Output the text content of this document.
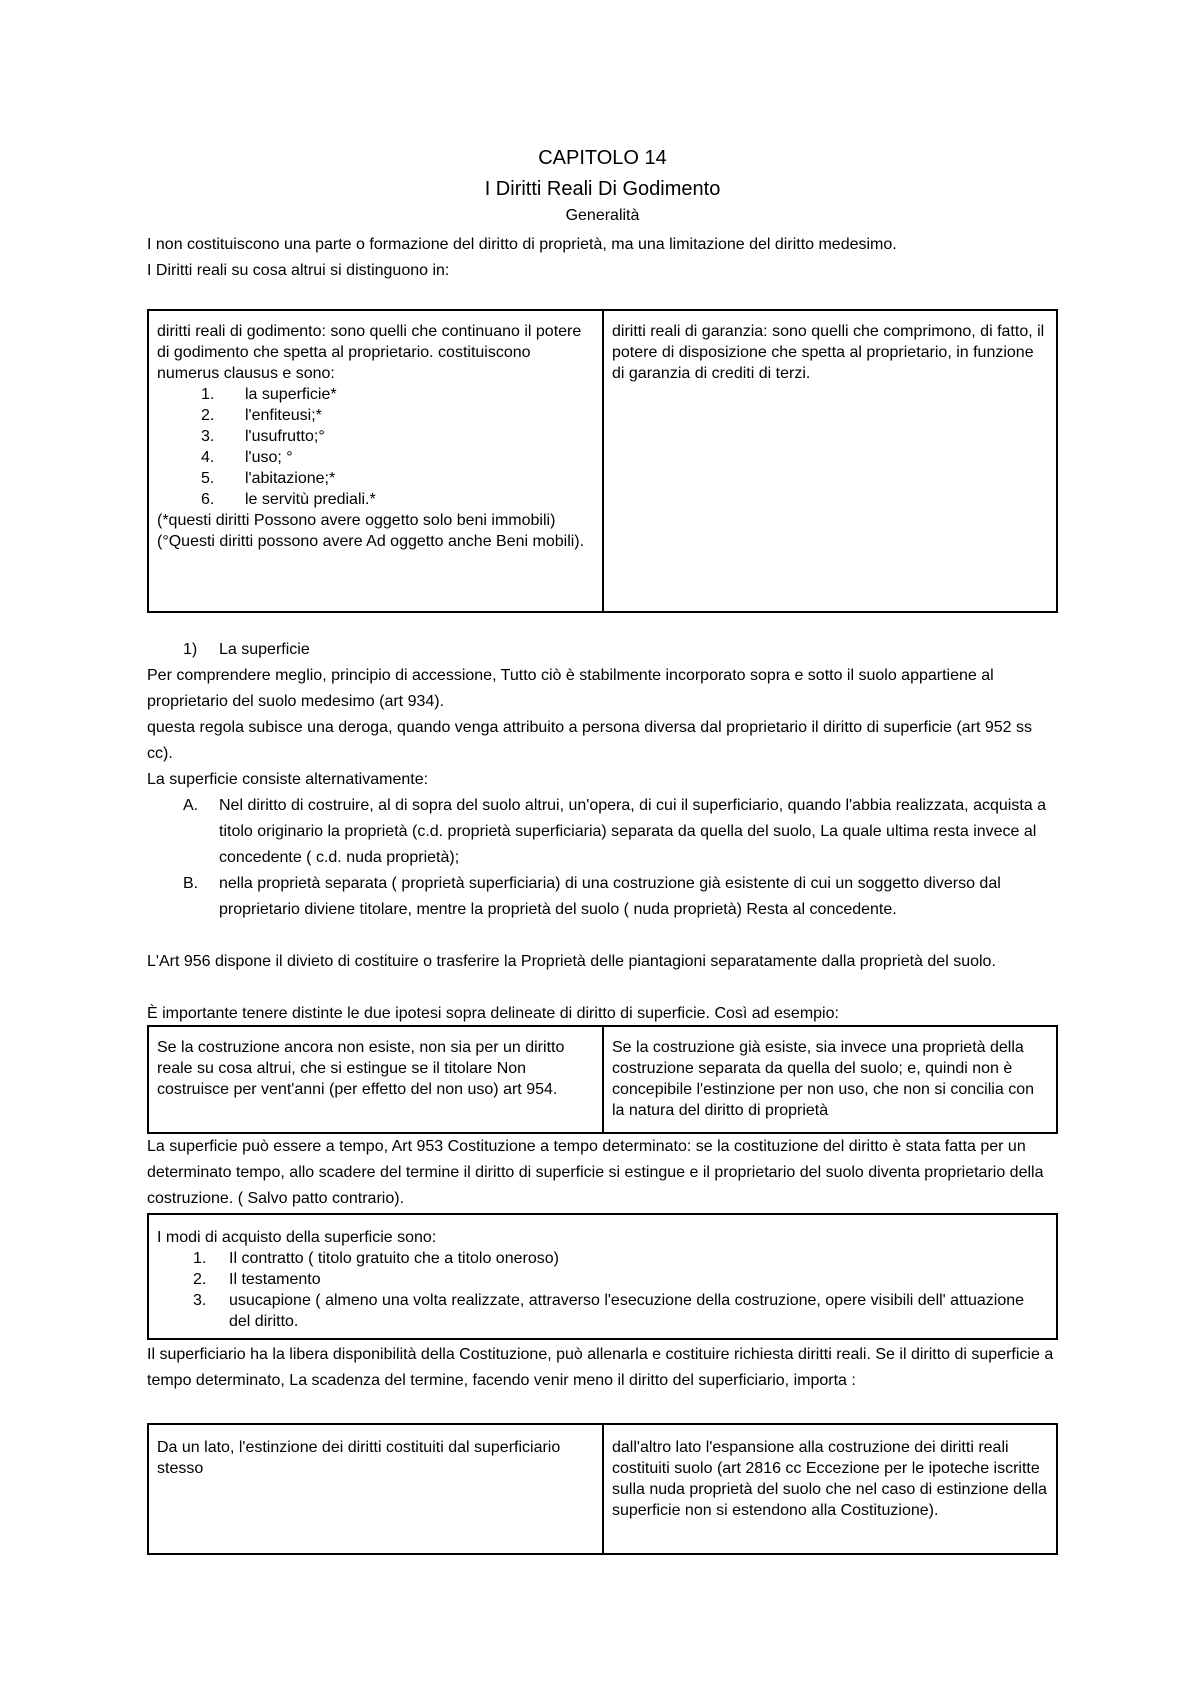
CAPITOLO 14
I Diritti Reali Di Godimento
Generalità
I non costituiscono una parte o formazione del diritto di proprietà, ma una limitazione del diritto medesimo.
I Diritti reali su cosa altrui si distinguono in:
diritti reali di godimento: sono quelli che continuano il potere di godimento che spetta al proprietario. costituiscono numerus clausus e sono:
1. la superficie*
2. l'enfiteusi;*
3. l'usufrutto;°
4. l'uso; °
5. l'abitazione;*
6. le servitù prediali.*
(*questi diritti Possono avere oggetto solo beni immobili)
(°Questi diritti possono avere Ad oggetto anche Beni mobili).
diritti reali di garanzia: sono quelli che comprimono, di fatto, il potere di disposizione che spetta al proprietario, in funzione di garanzia di crediti di terzi.
1) La superficie
Per comprendere meglio, principio di accessione, Tutto ciò è stabilmente incorporato sopra e sotto il suolo appartiene al proprietario del suolo medesimo (art 934).
questa regola subisce una deroga, quando venga attribuito a persona diversa dal proprietario il diritto di superficie (art 952 ss cc).
La superficie consiste alternativamente:
A. Nel diritto di costruire, al di sopra del suolo altrui, un'opera, di cui il superficiario, quando l'abbia realizzata, acquista a titolo originario la proprietà (c.d. proprietà superficiaria) separata da quella del suolo, La quale ultima resta invece al concedente ( c.d. nuda proprietà);
B. nella proprietà separata ( proprietà superficiaria) di una costruzione già esistente di cui un soggetto diverso dal proprietario diviene titolare, mentre la proprietà del suolo ( nuda proprietà) Resta al concedente.
L'Art 956 dispone il divieto di costituire o trasferire la Proprietà delle piantagioni separatamente dalla proprietà del suolo.
È importante tenere distinte le due ipotesi sopra delineate di diritto di superficie. Così ad esempio:
Se la costruzione ancora non esiste, non sia per un diritto reale su cosa altrui, che si estingue se il titolare Non costruisce per vent'anni (per effetto del non uso) art 954.
Se la costruzione già esiste, sia invece una proprietà della costruzione separata da quella del suolo; e, quindi non è concepibile l'estinzione per non uso, che non si concilia con la natura del diritto di proprietà
La superficie può essere a tempo, Art 953 Costituzione a tempo determinato: se la costituzione del diritto è stata fatta per un determinato tempo, allo scadere del termine il diritto di superficie si estingue e il proprietario del suolo diventa proprietario della costruzione. ( Salvo patto contrario).
I modi di acquisto della superficie sono:
1. Il contratto ( titolo gratuito che a titolo oneroso)
2. Il testamento
3. usucapione ( almeno una volta realizzate, attraverso l'esecuzione della costruzione, opere visibili dell' attuazione del diritto.
Il superficiario ha la libera disponibilità della Costituzione, può allenarla e costituire richiesta diritti reali. Se il diritto di superficie a tempo determinato, La scadenza del termine, facendo venir meno il diritto del superficiario, importa :
Da un lato, l'estinzione dei diritti costituiti dal superficiario stesso
dall'altro lato l'espansione alla costruzione dei diritti reali costituiti suolo (art 2816 cc Eccezione per le ipoteche iscritte sulla nuda proprietà del suolo che nel caso di estinzione della superficie non si estendono alla Costituzione).
